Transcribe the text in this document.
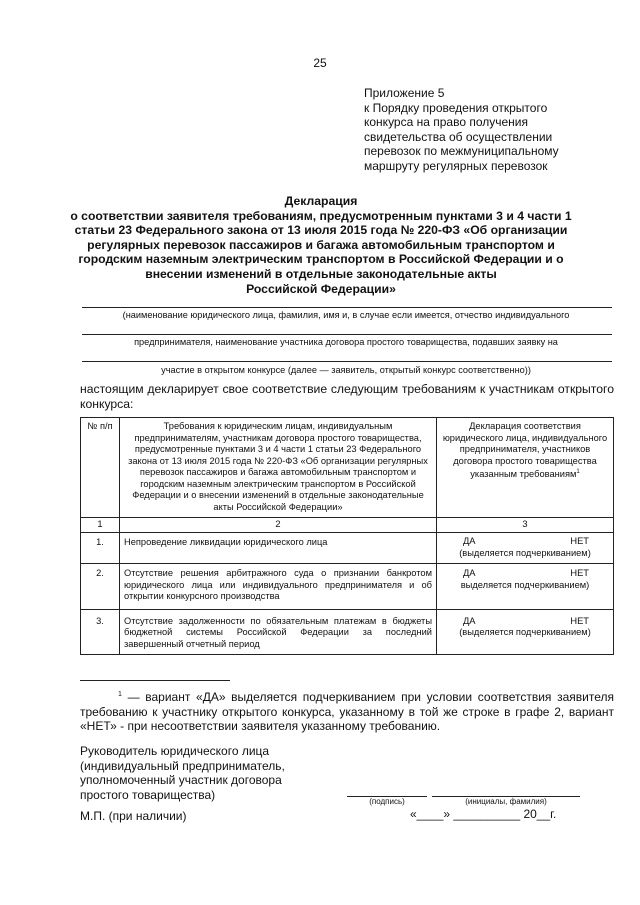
25
Приложение 5
к Порядку проведения открытого
конкурса на право получения
свидетельства об осуществлении
перевозок по межмуниципальному
маршруту регулярных перевозок
Декларация
о соответствии заявителя требованиям, предусмотренным пунктами 3 и 4 части 1
статьи 23 Федерального закона от 13 июля 2015 года № 220-ФЗ «Об организации
регулярных перевозок пассажиров и багажа автомобильным транспортом и
городским наземным электрическим транспортом в Российской Федерации и о
внесении изменений в отдельные законодательные акты
Российской Федерации»
(наименование юридического лица, фамилия, имя и, в случае если имеется, отчество индивидуального
предпринимателя, наименование участника договора простого товарищества, подавших заявку на
участие в открытом конкурсе (далее — заявитель, открытый конкурс соответственно))
настоящим декларирует свое соответствие следующим требованиям к участникам открытого конкурса:
№ п/п	Требования к юридическим лицам, индивидуальным предпринимателям, участникам договора простого товарищества, предусмотренные пунктами 3 и 4 части 1 статьи 23 Федерального закона от 13 июля 2015 года № 220-ФЗ «Об организации регулярных перевозок пассажиров и багажа автомобильным транспортом и городским наземным электрическим транспортом в Российской Федерации и о внесении изменений в отдельные законодательные акты Российской Федерации»	Декларация соответствия юридического лица, индивидуального предпринимателя, участников договора простого товарищества указанным требованиям$^1$
1	2	3
1.	Непроведение ликвидации юридического лица	ДА НЕТ
(выделяется подчеркиванием)

2.	Отсутствие решения арбитражного суда о признании банкротом юридического лица или индивидуального предпринимателя и об открытии конкурсного производства	ДА НЕТ
выделяется подчеркиванием)

3.	Отсутствие задолженности по обязательным платежам в бюджеты бюджетной системы Российской Федерации за последний завершенный отчетный период	ДА НЕТ
(выделяется подчеркиванием)
$^1$ — вариант «ДА» выделяется подчеркиванием при условии соответствия заявителя требованию к участнику открытого конкурса, указанному в той же строке в графе 2, вариант «НЕТ» - при несоответствии заявителя указанному требованию.
Руководитель юридического лица
(индивидуальный предприниматель,
уполномоченный участник договора
простого товарищества)	(подпись)	(инициалы, фамилия)
М.П. (при наличии)	«____» __________ 20__г.
